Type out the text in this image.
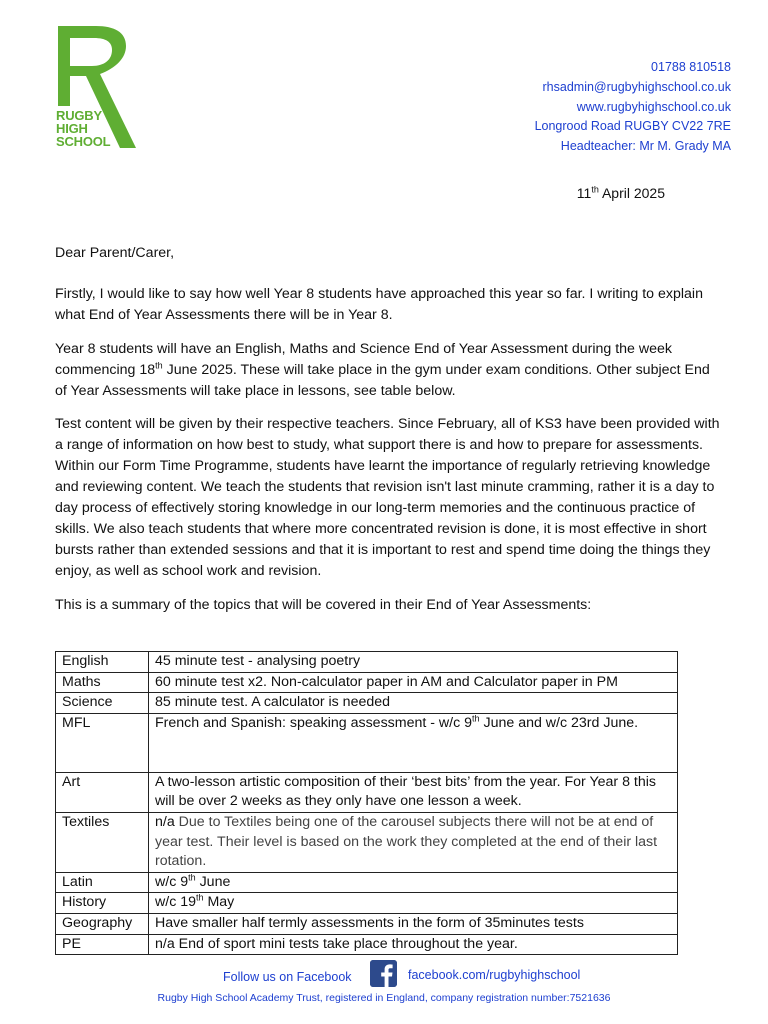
RUGBY
HIGH
SCHOOL
01788 810518
rhsadmin@rugbyhighschool.co.uk
www.rugbyhighschool.co.uk
Longrood Road RUGBY CV22 7RE
Headteacher: Mr M. Grady MA
11th April 2025

Dear Parent/Carer,

Firstly, I would like to say how well Year 8 students have approached this year so far. I writing to explain what End of Year Assessments there will be in Year 8.

Year 8 students will have an English, Maths and Science End of Year Assessment during the week commencing 18th June 2025. These will take place in the gym under exam conditions. Other subject End of Year Assessments will take place in lessons, see table below.

Test content will be given by their respective teachers. Since February, all of KS3 have been provided with a range of information on how best to study, what support there is and how to prepare for assessments. Within our Form Time Programme, students have learnt the importance of regularly retrieving knowledge and reviewing content. We teach the students that revision isn't last minute cramming, rather it is a day to day process of effectively storing knowledge in our long-term memories and the continuous practice of skills. We also teach students that where more concentrated revision is done, it is most effective in short bursts rather than extended sessions and that it is important to rest and spend time doing the things they enjoy, as well as school work and revision.

This is a summary of the topics that will be covered in their End of Year Assessments:

English	45 minute test - analysing poetry
Maths	60 minute test x2. Non-calculator paper in AM and Calculator paper in PM
Science	85 minute test. A calculator is needed
MFL	French and Spanish: speaking assessment - w/c 9th June and w/c 23rd June.
Art	A two-lesson artistic composition of their ‘best bits’ from the year. For Year 8 this will be over 2 weeks as they only have one lesson a week.
Textiles	n/a Due to Textiles being one of the carousel subjects there will not be at end of year test. Their level is based on the work they completed at the end of their last rotation.
Latin	w/c 9th June
History	w/c 19th May
Geography	Have smaller half termly assessments in the form of 35minutes tests
PE	n/a End of sport mini tests take place throughout the year.
Follow us on Facebook	facebook.com/rugbyhighschool
Rugby High School Academy Trust, registered in England, company registration number:7521636
